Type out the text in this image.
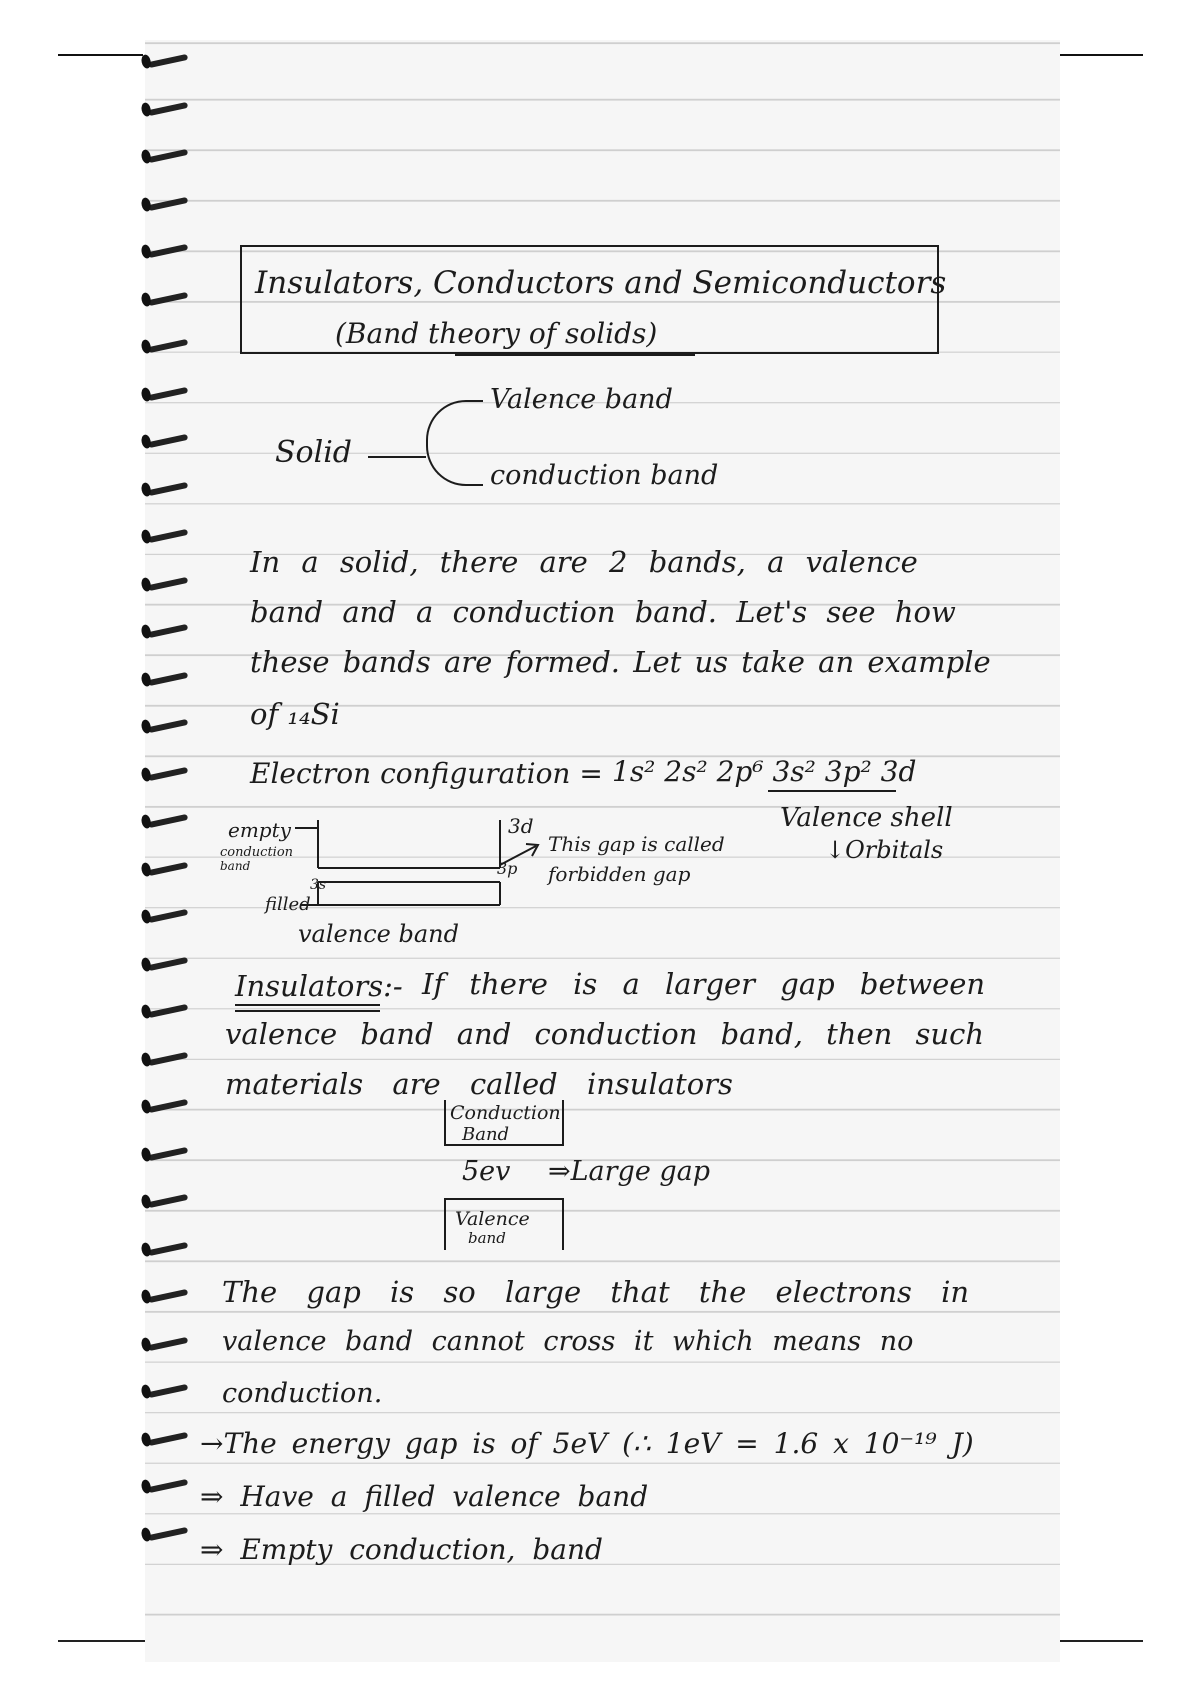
Insulators, Conductors and Semiconductors
(Band theory of solids)
Solid
Valence band
conduction band
In a solid, there are 2 bands, a valence
band and a conduction band. Let's see how
these bands are formed. Let us take an example
of ₁₄Si
Electron configuration = 1s² 2s² 2p⁶ 3s² 3p² 3d
Valence shell
↓Orbitals
empty
conduction
band
3d
3p
3s
filled
valence band
This gap is called
forbidden gap
Insulators:- If there is a larger gap between
valence band and conduction band, then such
materials are called insulators
Conduction
Band
5ev ⇒Large gap
Valence
band
The gap is so large that the electrons in
valence band cannot cross it which means no
conduction.
→The energy gap is of 5eV (∴ 1eV = 1.6 x 10⁻¹⁹ J)
⇒ Have a filled valence band
⇒ Empty conduction, band
